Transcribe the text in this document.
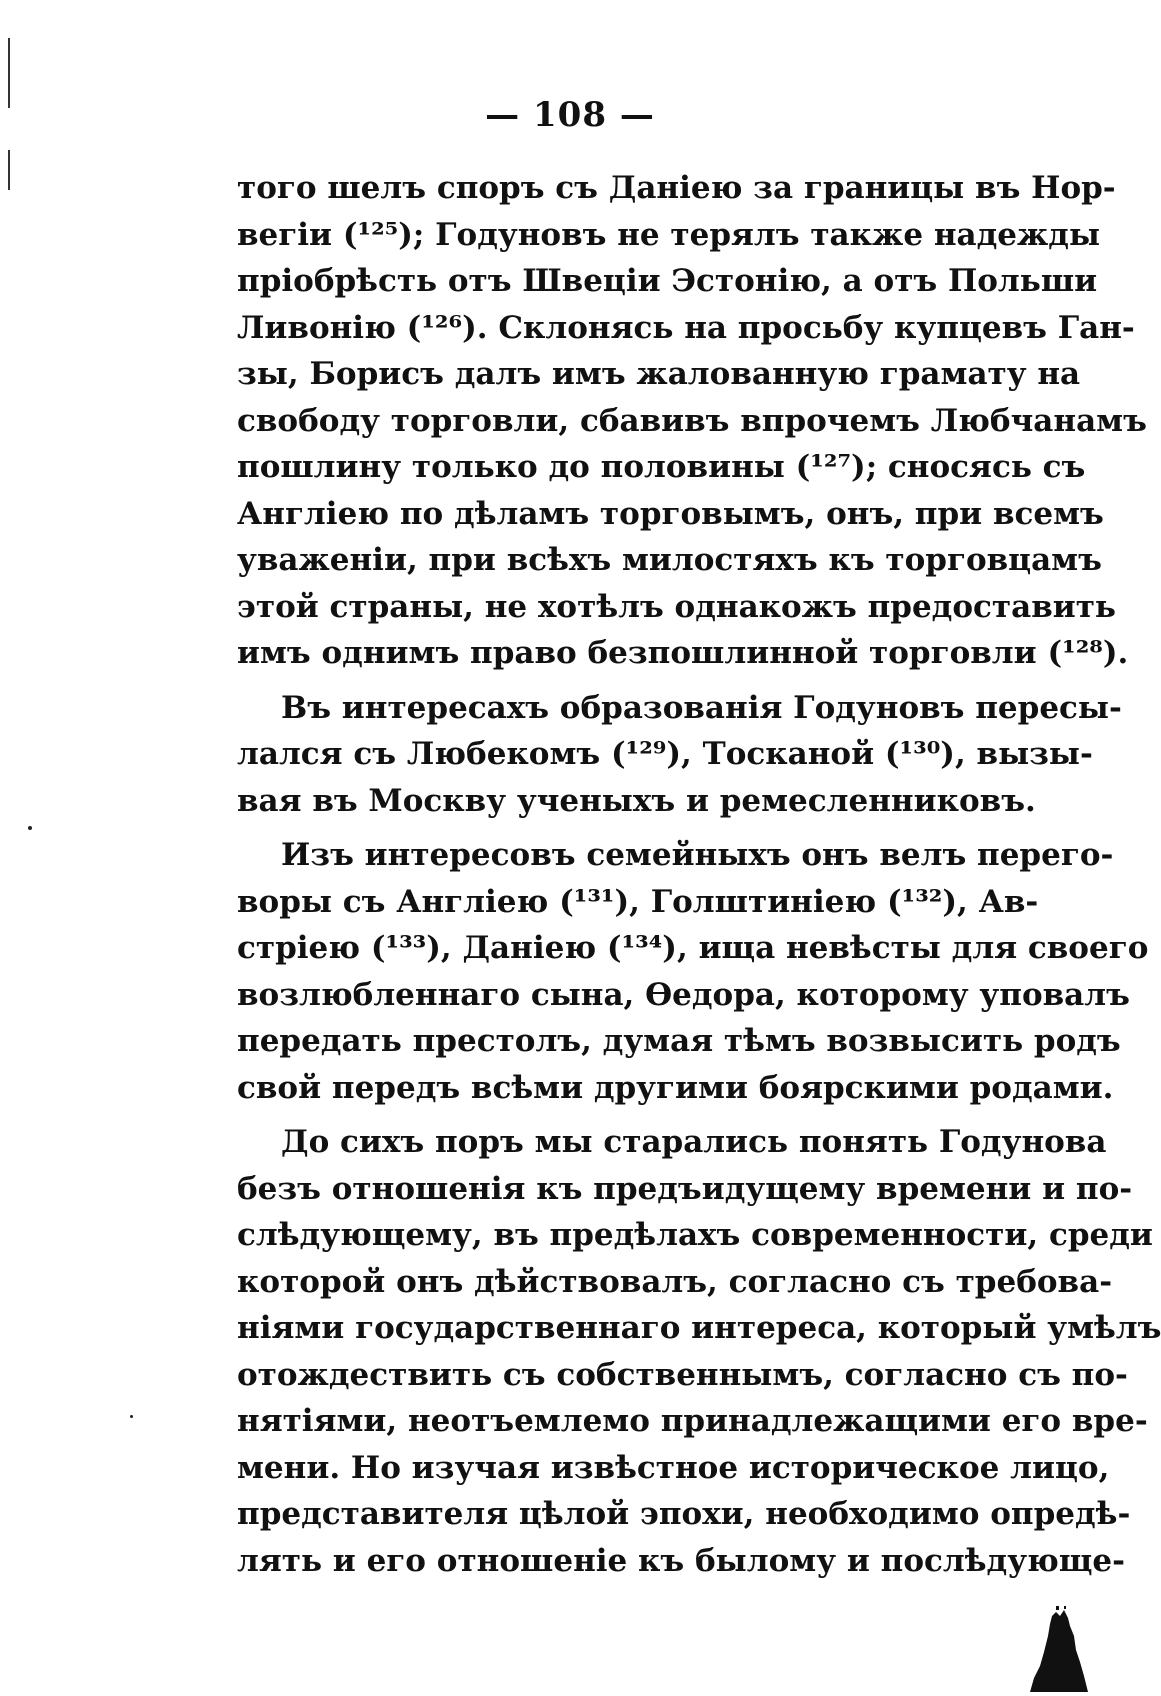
— 108 —
того шелъ споръ съ Даніею за границы въ Нор-
вегіи (¹²⁵); Годуновъ не терялъ также надежды
пріобрѣсть отъ Швеціи Эстонію, а отъ Польши
Ливонію (¹²⁶). Склонясь на просьбу купцевъ Ган-
зы, Борисъ далъ имъ жалованную грамату на
свободу торговли, сбавивъ впрочемъ Любчанамъ
пошлину только до половины (¹²⁷); сносясь съ
Англіею по дѣламъ торговымъ, онъ, при всемъ
уваженіи, при всѣхъ милостяхъ къ торговцамъ
этой страны, не хотѣлъ однакожъ предоставить
имъ однимъ право безпошлинной торговли (¹²⁸).
Въ интересахъ образованія Годуновъ пересы-
лался съ Любекомъ (¹²⁹), Тосканой (¹³⁰), вызы-
вая въ Москву ученыхъ и ремесленниковъ.
Изъ интересовъ семейныхъ онъ велъ перего-
воры съ Англіею (¹³¹), Голштиніею (¹³²), Ав-
стріею (¹³³), Даніею (¹³⁴), ища невѣсты для своего
возлюбленнаго сына, Ѳедора, которому уповалъ
передать престолъ, думая тѣмъ возвысить родъ
свой передъ всѣми другими боярскими родами.
До сихъ поръ мы старались понять Годунова
безъ отношенія къ предъидущему времени и по-
слѣдующему, въ предѣлахъ современности, среди
которой онъ дѣйствовалъ, согласно съ требова-
ніями государственнаго интереса, который умѣлъ
отождествить съ собственнымъ, согласно съ по-
нятіями, неотъемлемо принадлежащими его вре-
мени. Но изучая извѣстное историческое лицо,
представителя цѣлой эпохи, необходимо опредѣ-
лять и его отношеніе къ былому и послѣдующе-
